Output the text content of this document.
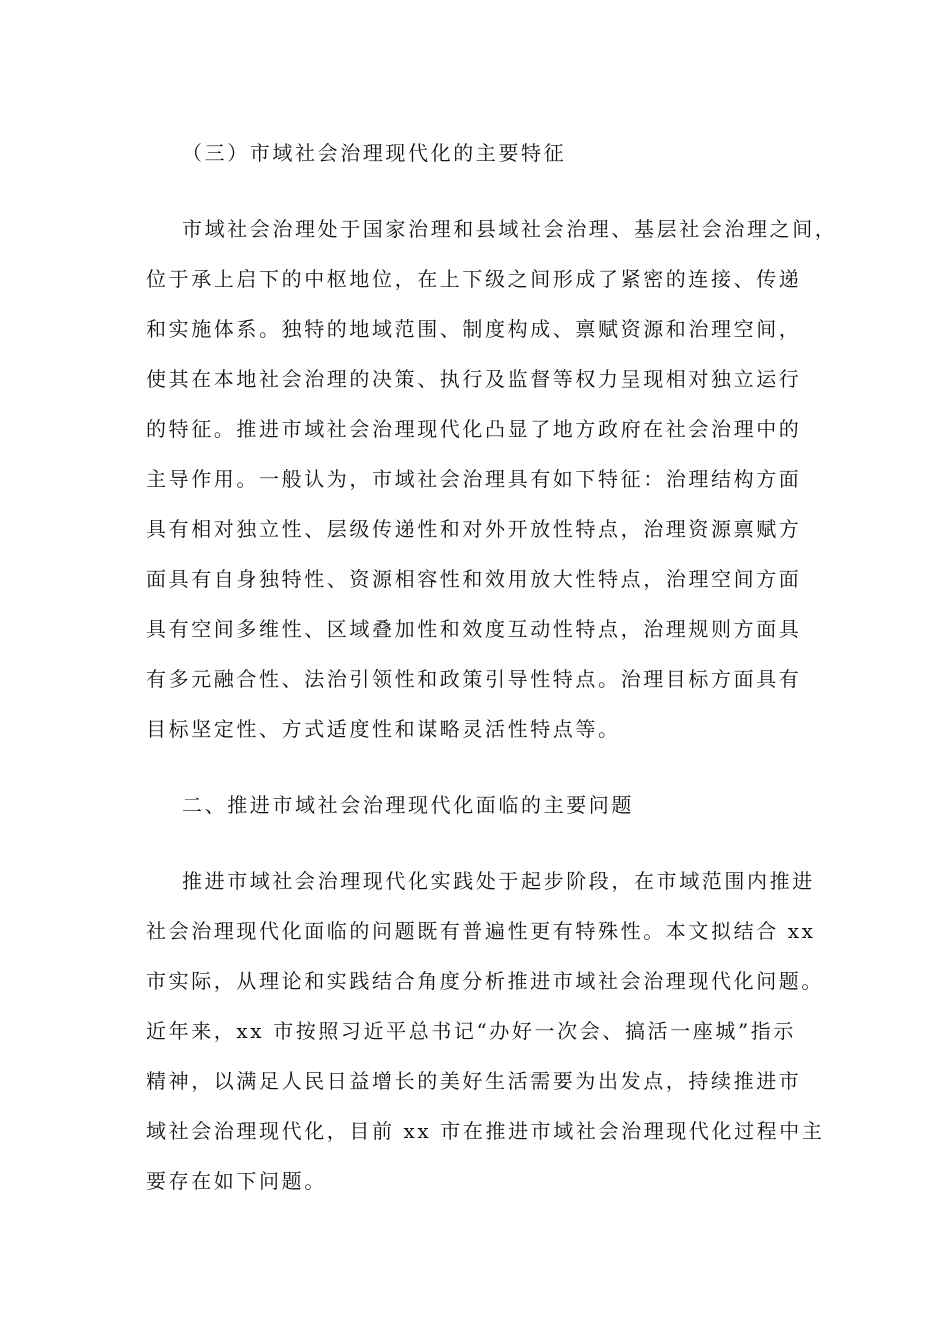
（三）市域社会治理现代化的主要特征
市域社会治理处于国家治理和县域社会治理、基层社会治理之间，
位于承上启下的中枢地位，在上下级之间形成了紧密的连接、传递
和实施体系。独特的地域范围、制度构成、禀赋资源和治理空间，
使其在本地社会治理的决策、执行及监督等权力呈现相对独立运行
的特征。推进市域社会治理现代化凸显了地方政府在社会治理中的
主导作用。一般认为，市域社会治理具有如下特征：治理结构方面
具有相对独立性、层级传递性和对外开放性特点，治理资源禀赋方
面具有自身独特性、资源相容性和效用放大性特点，治理空间方面
具有空间多维性、区域叠加性和效度互动性特点，治理规则方面具
有多元融合性、法治引领性和政策引导性特点。治理目标方面具有
目标坚定性、方式适度性和谋略灵活性特点等。
二、推进市域社会治理现代化面临的主要问题
推进市域社会治理现代化实践处于起步阶段，在市域范围内推进
社会治理现代化面临的问题既有普遍性更有特殊性。本文拟结合 xx
市实际，从理论和实践结合角度分析推进市域社会治理现代化问题。
近年来，xx 市按照习近平总书记“办好一次会、搞活一座城”指示
精神，以满足人民日益增长的美好生活需要为出发点，持续推进市
域社会治理现代化，目前 xx 市在推进市域社会治理现代化过程中主
要存在如下问题。
